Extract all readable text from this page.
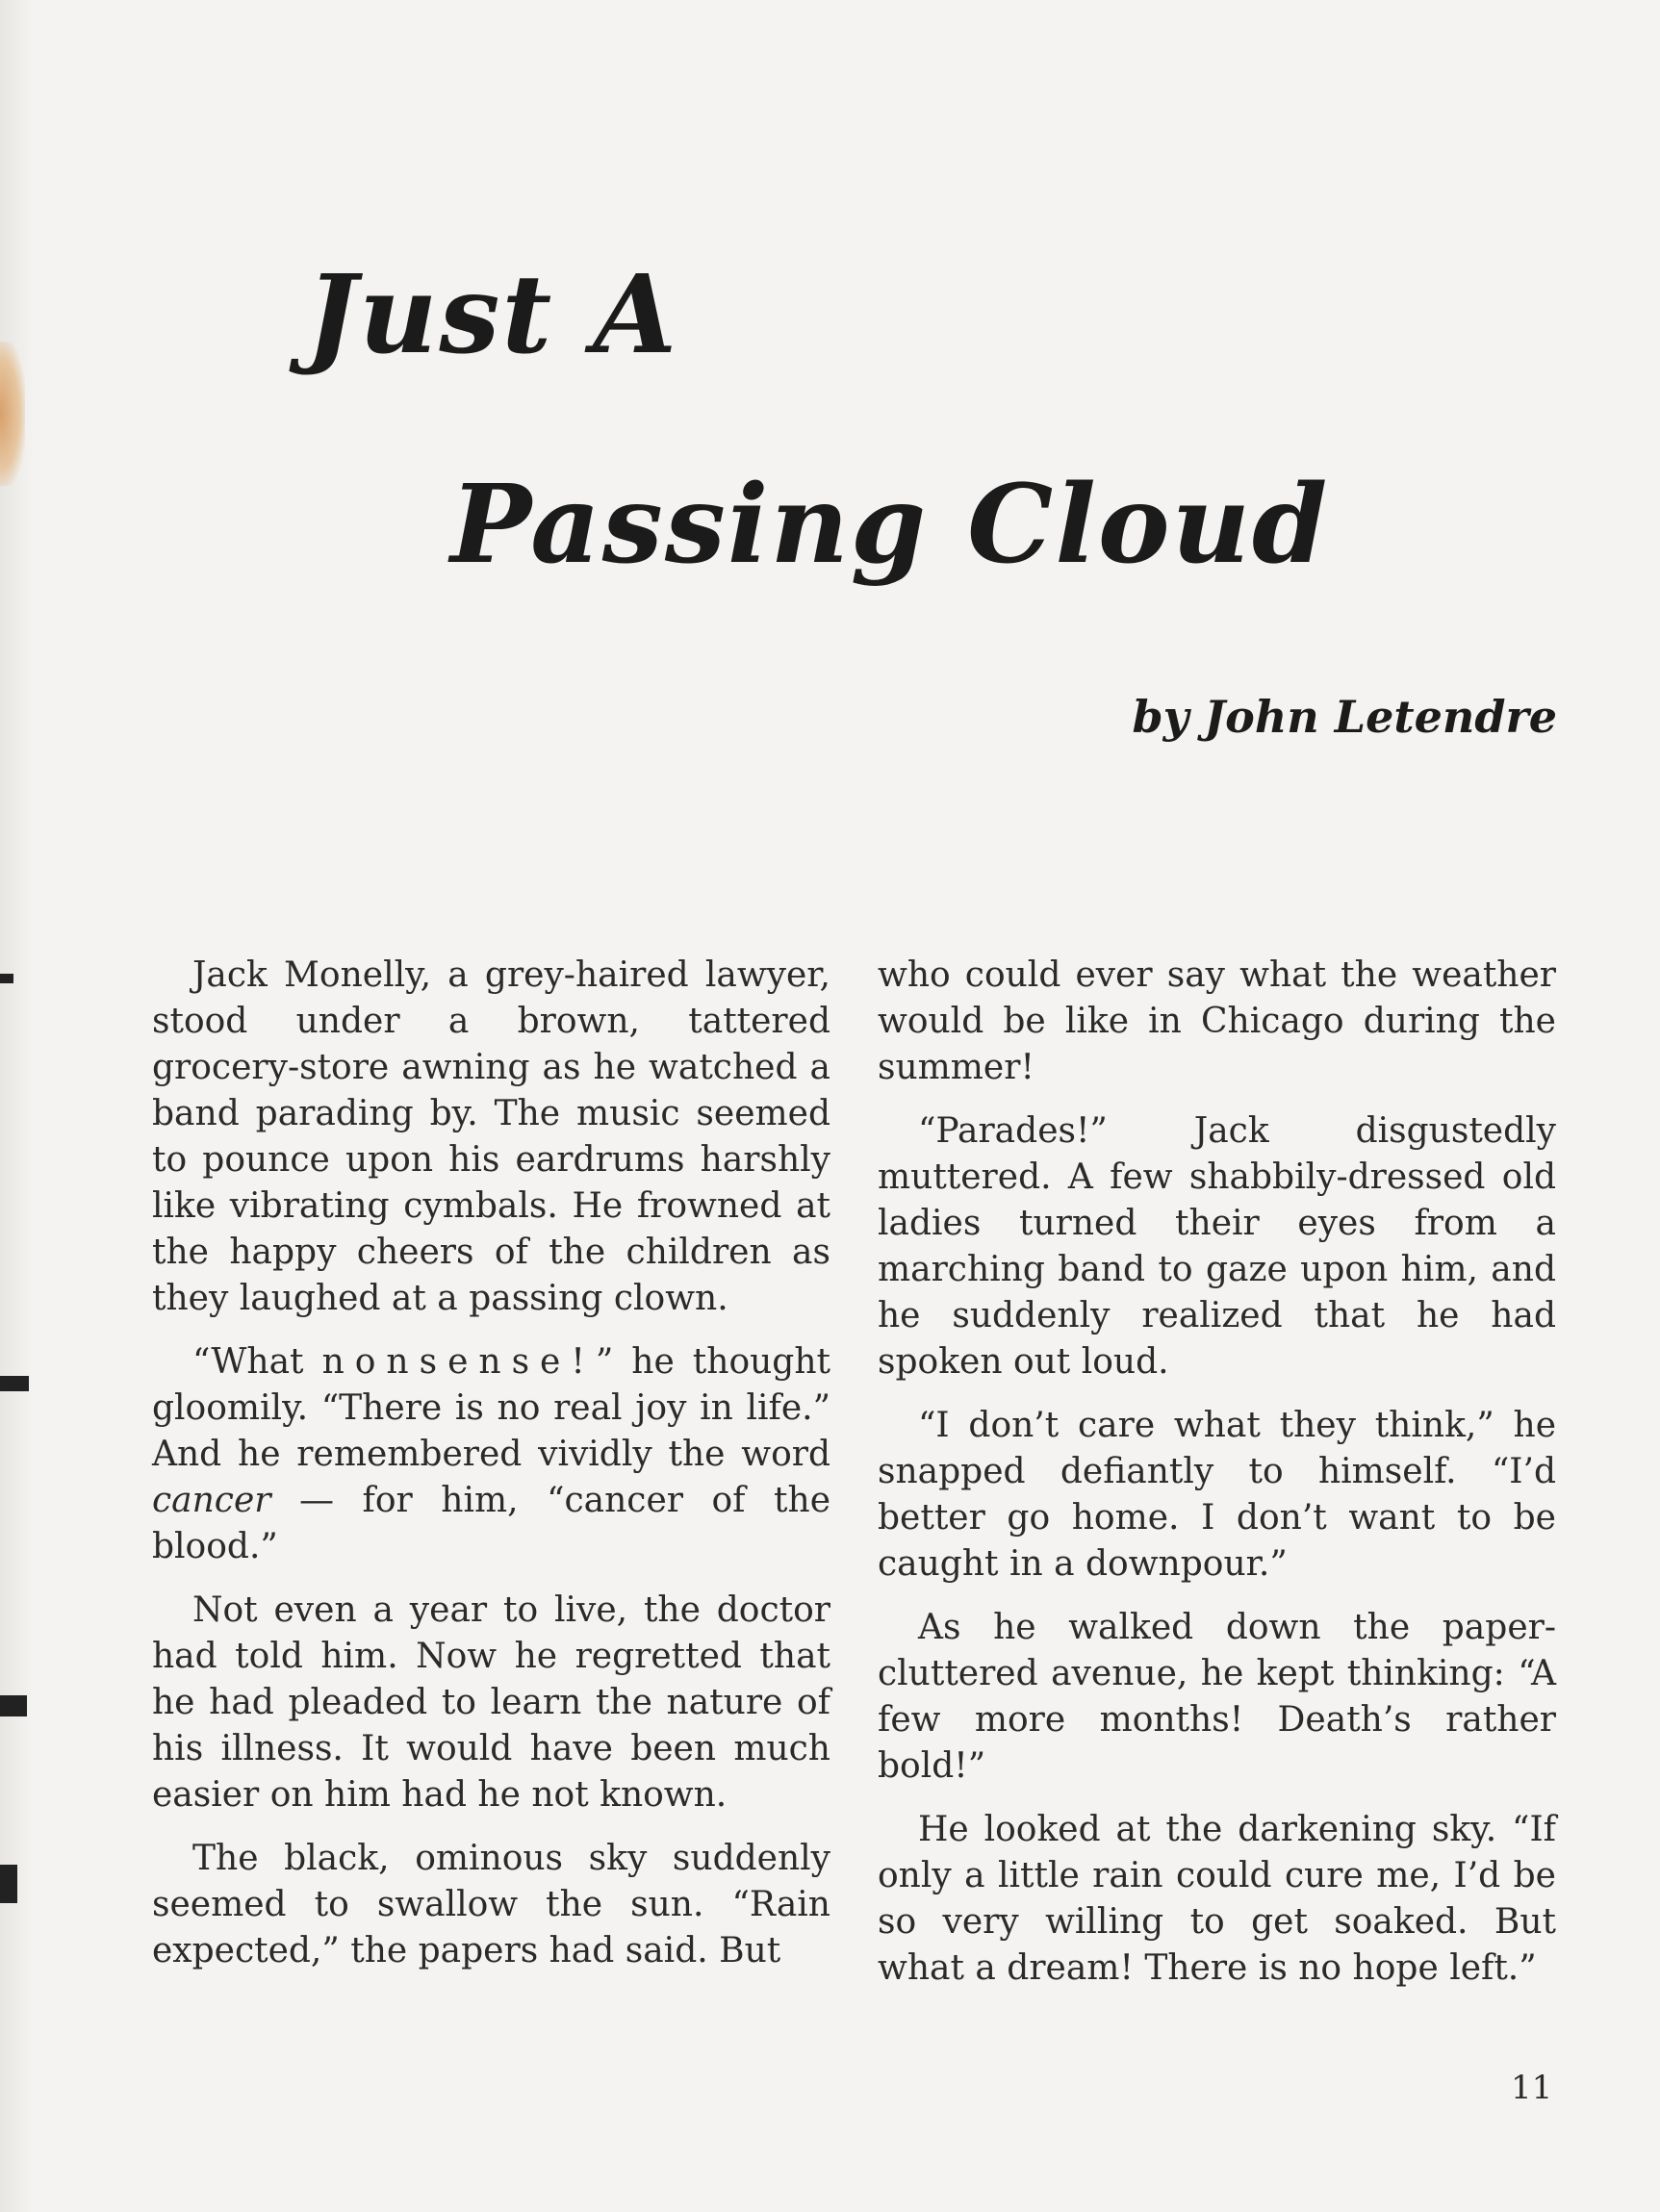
Just A
Passing Cloud
by John Letendre

Jack Monelly, a grey-haired lawyer, stood under a brown, tattered grocery-store awning as he watched a band parading by. The music seemed to pounce upon his eardrums harshly like vibrating cymbals. He frowned at the happy cheers of the children as they laughed at a passing clown.

“What nonsense!” he thought gloomily. “There is no real joy in life.” And he remembered vividly the word cancer — for him, “cancer of the blood.”

Not even a year to live, the doctor had told him. Now he regretted that he had pleaded to learn the nature of his illness. It would have been much easier on him had he not known.

The black, ominous sky suddenly seemed to swallow the sun. “Rain expected,” the papers had said. But

who could ever say what the weather would be like in Chicago during the summer!

“Parades!” Jack disgustedly muttered. A few shabbily-dressed old ladies turned their eyes from a marching band to gaze upon him, and he suddenly realized that he had spoken out loud.

“I don’t care what they think,” he snapped defiantly to himself. “I’d better go home. I don’t want to be caught in a downpour.”

As he walked down the paper-cluttered avenue, he kept thinking: “A few more months! Death’s rather bold!”

He looked at the darkening sky. “If only a little rain could cure me, I’d be so very willing to get soaked. But what a dream! There is no hope left.”

11
